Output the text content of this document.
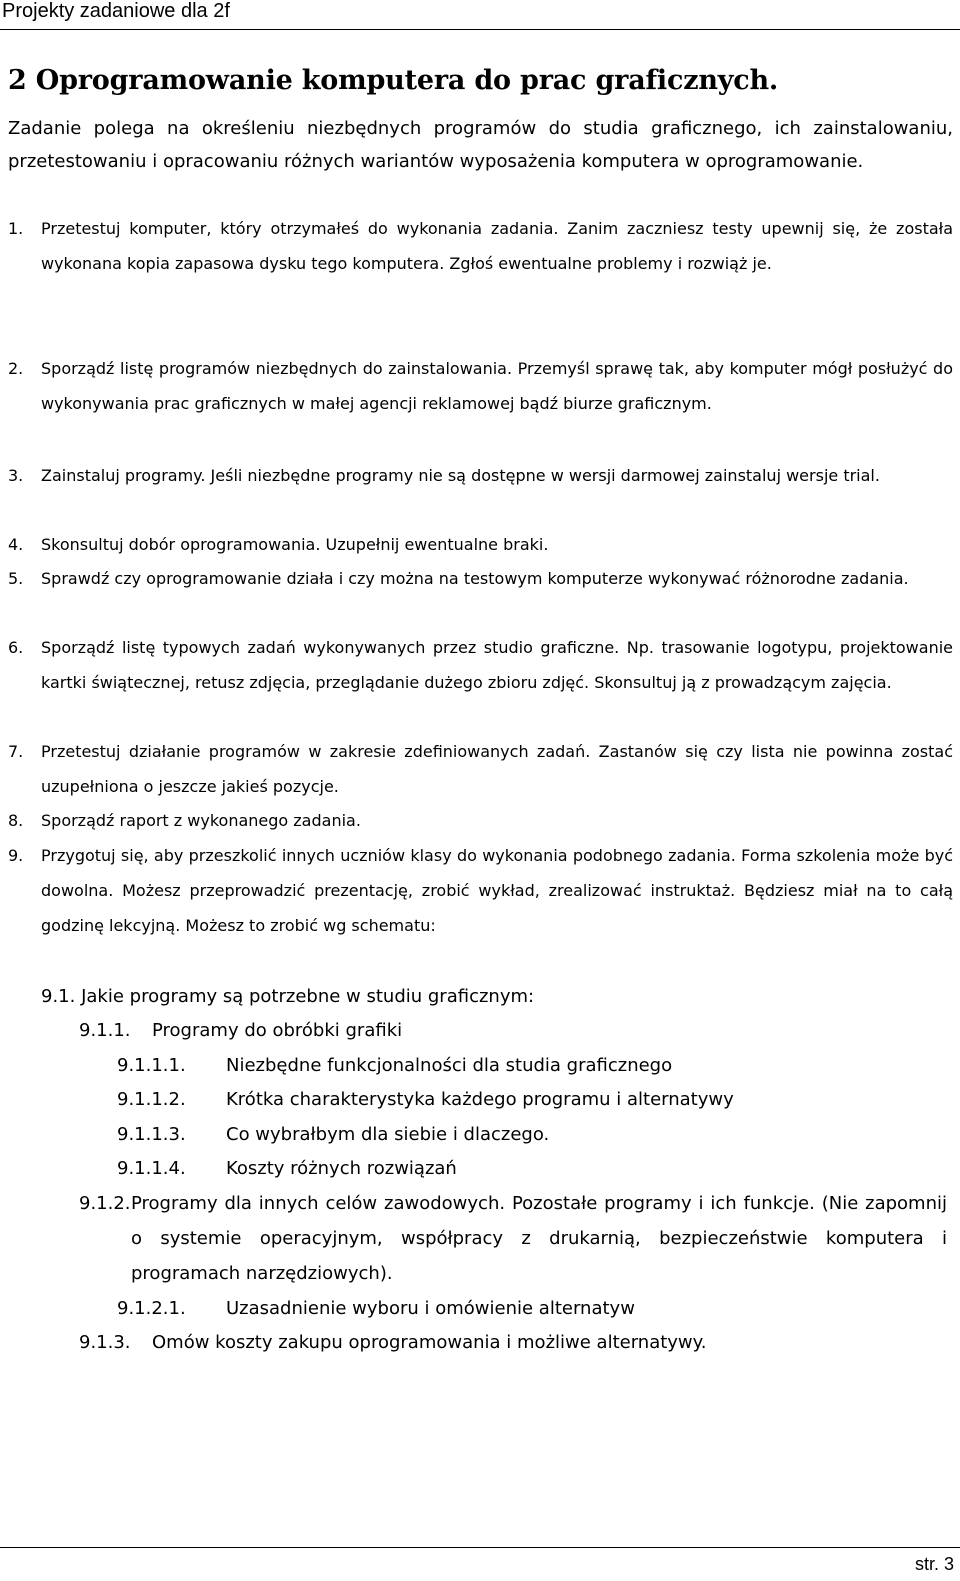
Projekty zadaniowe dla 2f
2 Oprogramowanie komputera do prac graficznych.
Zadanie polega na określeniu niezbędnych programów do studia graficznego, ich zainstalowaniu, przetestowaniu i opracowaniu różnych wariantów wyposażenia komputera w oprogramowanie.
1. Przetestuj komputer, który otrzymałeś do wykonania zadania. Zanim zaczniesz testy upewnij się, że została wykonana kopia zapasowa dysku tego komputera. Zgłoś ewentualne problemy i rozwiąż je.
2. Sporządź listę programów niezbędnych do zainstalowania. Przemyśl sprawę tak, aby komputer mógł posłużyć do wykonywania prac graficznych w małej agencji reklamowej bądź biurze graficznym.
3. Zainstaluj programy. Jeśli niezbędne programy nie są dostępne w wersji darmowej zainstaluj wersje trial.
4. Skonsultuj dobór oprogramowania. Uzupełnij ewentualne braki.
5. Sprawdź czy oprogramowanie działa i czy można na testowym komputerze wykonywać różnorodne zadania.
6. Sporządź listę typowych zadań wykonywanych przez studio graficzne. Np. trasowanie logotypu, projektowanie kartki świątecznej, retusz zdjęcia, przeglądanie dużego zbioru zdjęć. Skonsultuj ją z prowadzącym zajęcia.
7. Przetestuj działanie programów w zakresie zdefiniowanych zadań. Zastanów się czy lista nie powinna zostać uzupełniona o jeszcze jakieś pozycje.
8. Sporządź raport z wykonanego zadania.
9. Przygotuj się, aby przeszkolić innych uczniów klasy do wykonania podobnego zadania. Forma szkolenia może być dowolna. Możesz przeprowadzić prezentację, zrobić wykład, zrealizować instruktaż. Będziesz miał na to całą godzinę lekcyjną. Możesz to zrobić wg schematu:
9.1. Jakie programy są potrzebne w studiu graficznym:
9.1.1. Programy do obróbki grafiki
9.1.1.1. Niezbędne funkcjonalności dla studia graficznego
9.1.1.2. Krótka charakterystyka każdego programu i alternatywy
9.1.1.3. Co wybrałbym dla siebie i dlaczego.
9.1.1.4. Koszty różnych rozwiązań
9.1.2. Programy dla innych celów zawodowych. Pozostałe programy i ich funkcje. (Nie zapomnij o systemie operacyjnym, współpracy z drukarnią, bezpieczeństwie komputera i programach narzędziowych).
9.1.2.1. Uzasadnienie wyboru i omówienie alternatyw
9.1.3. Omów koszty zakupu oprogramowania i możliwe alternatywy.
str. 3
